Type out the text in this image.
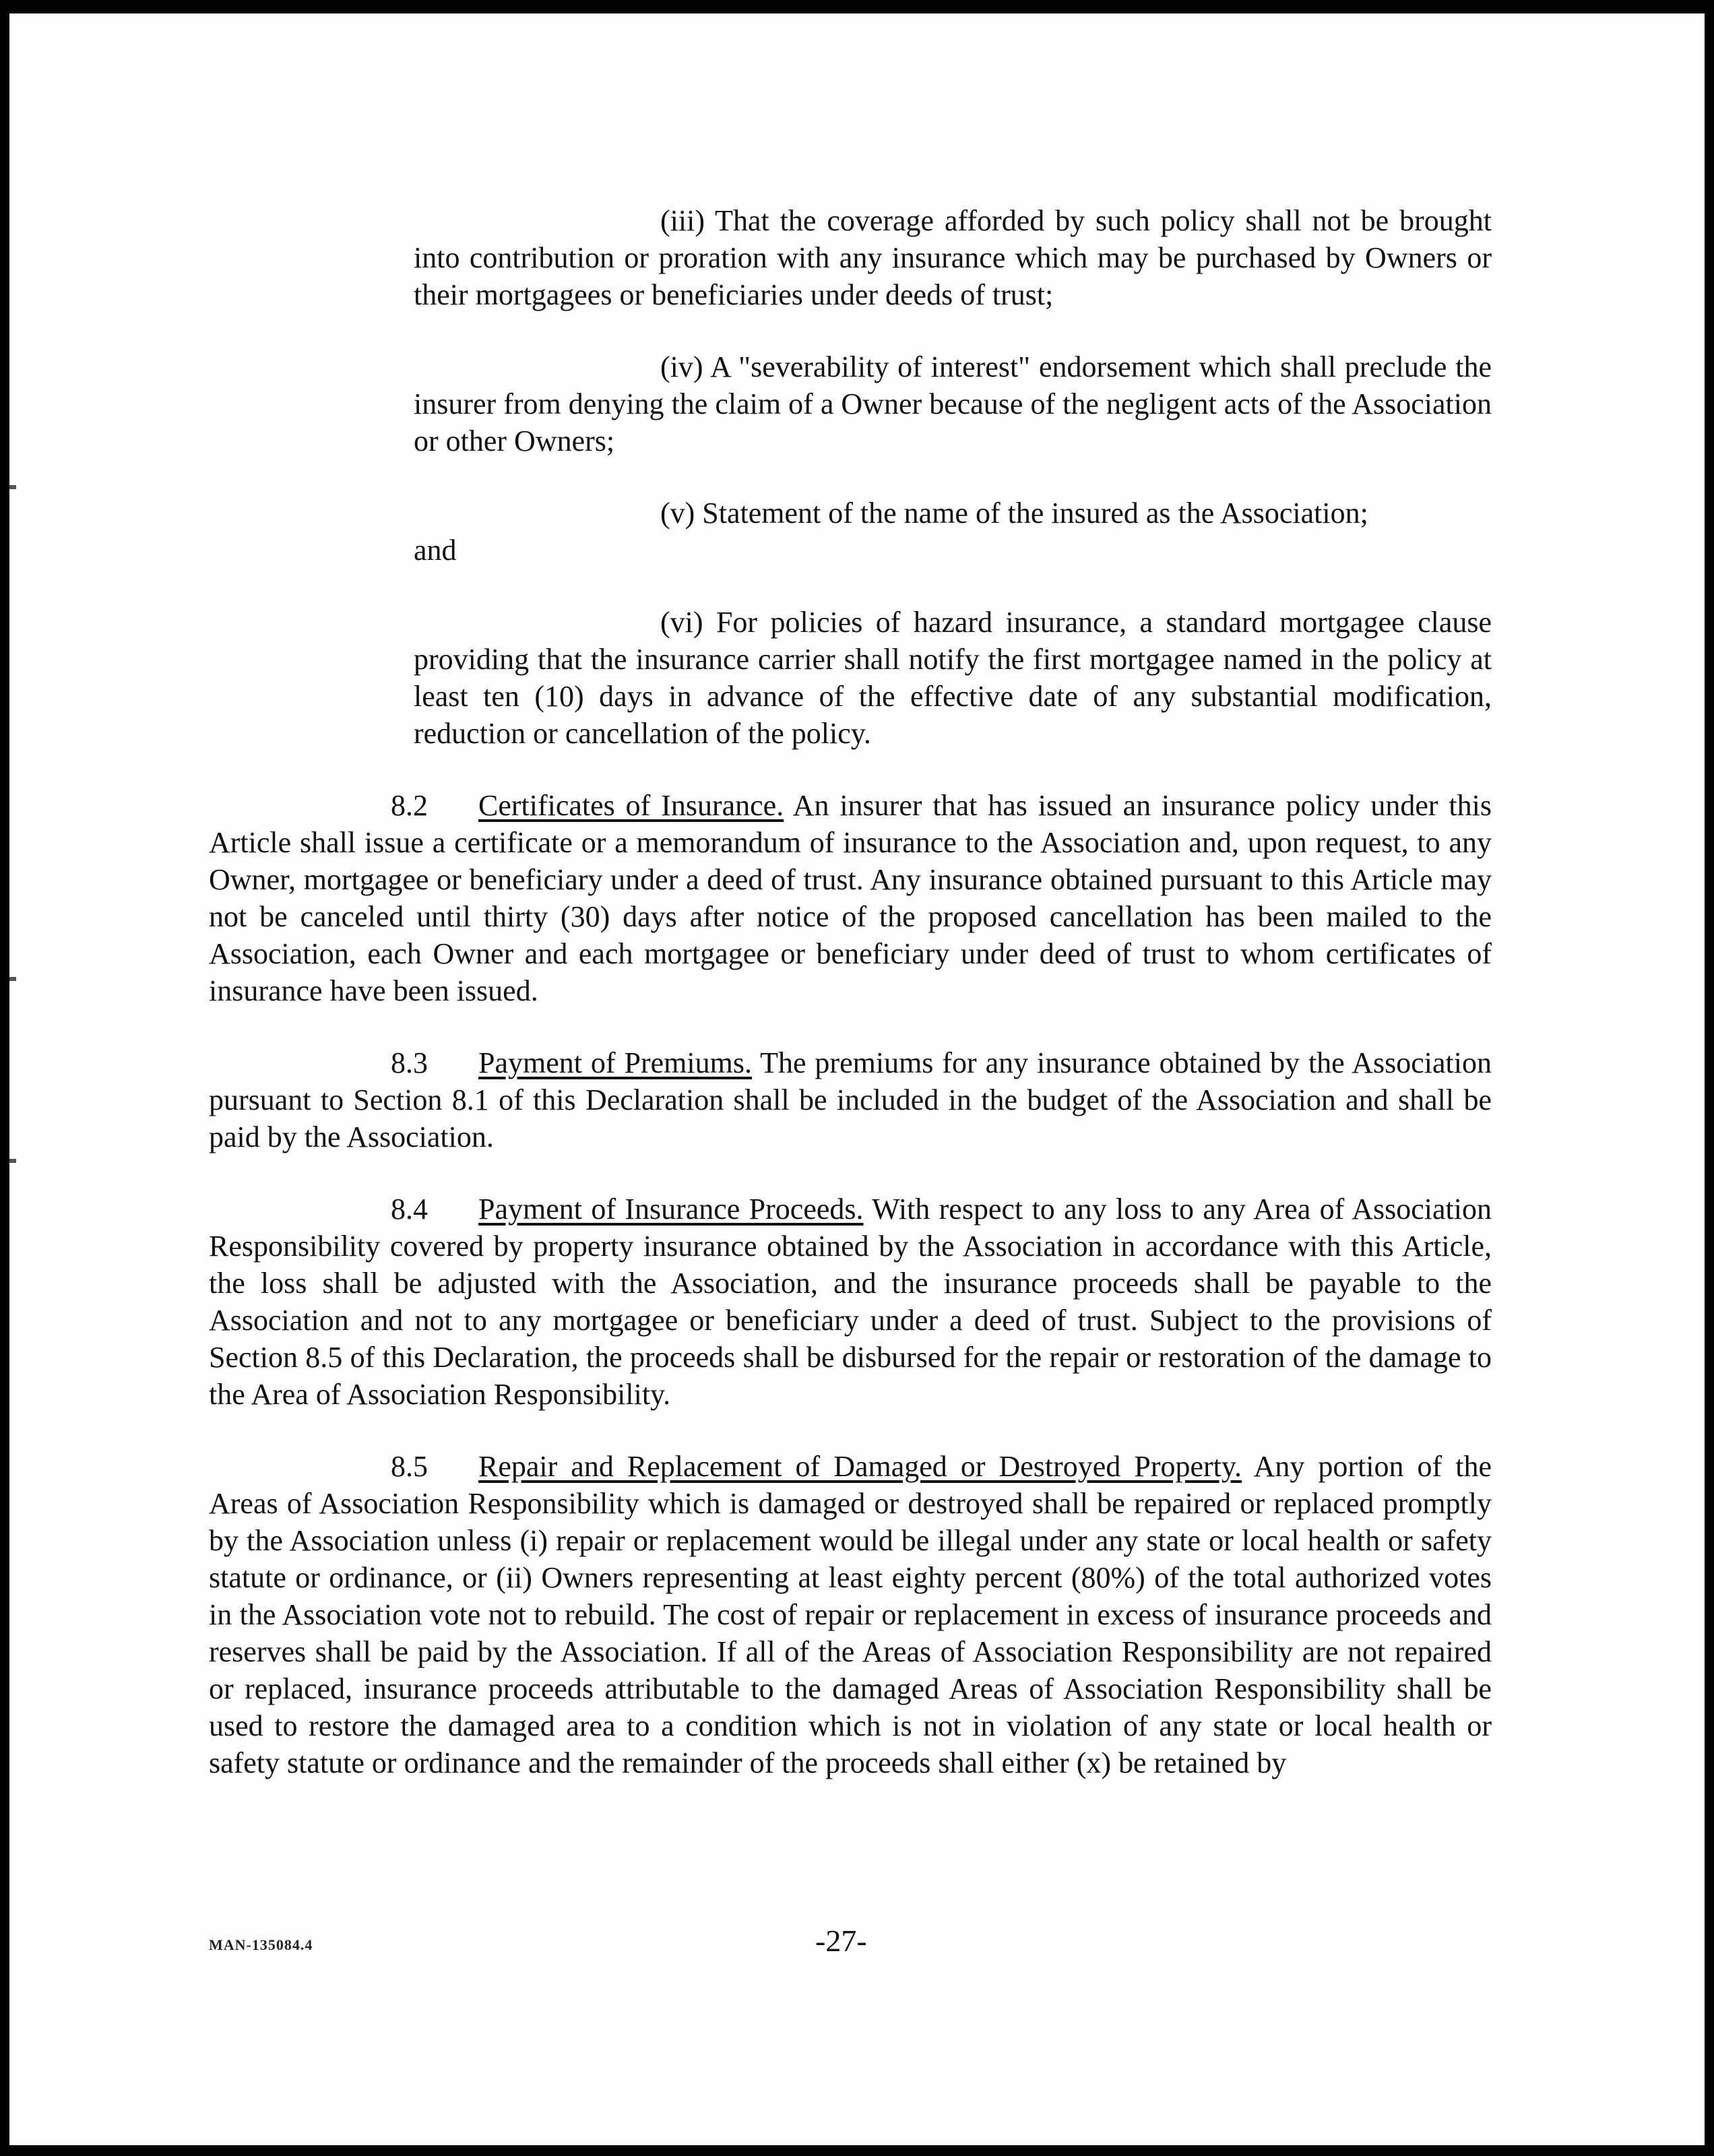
(iii) That the coverage afforded by such policy shall not be brought into contribution or proration with any insurance which may be purchased by Owners or their mortgagees or beneficiaries under deeds of trust;

(iv) A "severability of interest" endorsement which shall preclude the insurer from denying the claim of a Owner because of the negligent acts of the Association or other Owners;

(v) Statement of the name of the insured as the Association;

and

(vi) For policies of hazard insurance, a standard mortgagee clause providing that the insurance carrier shall notify the first mortgagee named in the policy at least ten (10) days in advance of the effective date of any substantial modification, reduction or cancellation of the policy.

8.2 Certificates of Insurance. An insurer that has issued an insurance policy under this Article shall issue a certificate or a memorandum of insurance to the Association and, upon request, to any Owner, mortgagee or beneficiary under a deed of trust. Any insurance obtained pursuant to this Article may not be canceled until thirty (30) days after notice of the proposed cancellation has been mailed to the Association, each Owner and each mortgagee or beneficiary under deed of trust to whom certificates of insurance have been issued.

8.3 Payment of Premiums. The premiums for any insurance obtained by the Association pursuant to Section 8.1 of this Declaration shall be included in the budget of the Association and shall be paid by the Association.

8.4 Payment of Insurance Proceeds. With respect to any loss to any Area of Association Responsibility covered by property insurance obtained by the Association in accordance with this Article, the loss shall be adjusted with the Association, and the insurance proceeds shall be payable to the Association and not to any mortgagee or beneficiary under a deed of trust. Subject to the provisions of Section 8.5 of this Declaration, the proceeds shall be disbursed for the repair or restoration of the damage to the Area of Association Responsibility.

8.5 Repair and Replacement of Damaged or Destroyed Property. Any portion of the Areas of Association Responsibility which is damaged or destroyed shall be repaired or replaced promptly by the Association unless (i) repair or replacement would be illegal under any state or local health or safety statute or ordinance, or (ii) Owners representing at least eighty percent (80%) of the total authorized votes in the Association vote not to rebuild. The cost of repair or replacement in excess of insurance proceeds and reserves shall be paid by the Association. If all of the Areas of Association Responsibility are not repaired or replaced, insurance proceeds attributable to the damaged Areas of Association Responsibility shall be used to restore the damaged area to a condition which is not in violation of any state or local health or safety statute or ordinance and the remainder of the proceeds shall either (x) be retained by

MAN-135084.4	-27-
